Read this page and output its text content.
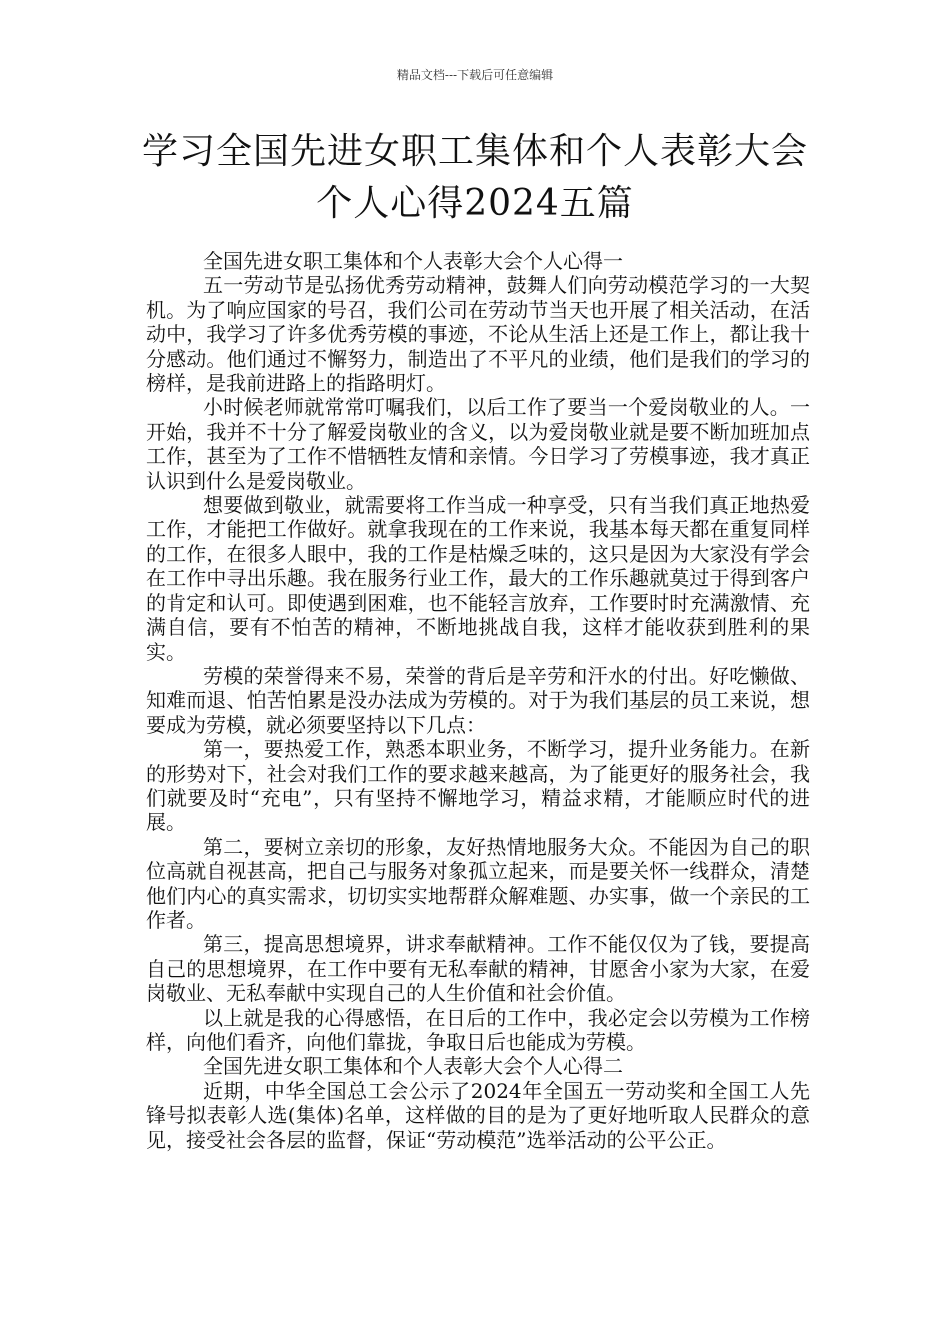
精品文档---下载后可任意编辑
学习全国先进女职工集体和个人表彰大会
个人心得2024五篇

全国先进女职工集体和个人表彰大会个人心得一

五一劳动节是弘扬优秀劳动精神，鼓舞人们向劳动模范学习的一大契机。为了响应国家的号召，我们公司在劳动节当天也开展了相关活动，在活动中，我学习了许多优秀劳模的事迹，不论从生活上还是工作上，都让我十分感动。他们通过不懈努力，制造出了不平凡的业绩，他们是我们的学习的榜样，是我前进路上的指路明灯。

小时候老师就常常叮嘱我们，以后工作了要当一个爱岗敬业的人。一开始，我并不十分了解爱岗敬业的含义，以为爱岗敬业就是要不断加班加点工作，甚至为了工作不惜牺牲友情和亲情。今日学习了劳模事迹，我才真正认识到什么是爱岗敬业。

想要做到敬业，就需要将工作当成一种享受，只有当我们真正地热爱工作，才能把工作做好。就拿我现在的工作来说，我基本每天都在重复同样的工作，在很多人眼中，我的工作是枯燥乏味的，这只是因为大家没有学会在工作中寻出乐趣。我在服务行业工作，最大的工作乐趣就莫过于得到客户的肯定和认可。即使遇到困难，也不能轻言放弃，工作要时时充满激情、充满自信，要有不怕苦的精神，不断地挑战自我，这样才能收获到胜利的果实。

劳模的荣誉得来不易，荣誉的背后是辛劳和汗水的付出。好吃懒做、知难而退、怕苦怕累是没办法成为劳模的。对于为我们基层的员工来说，想要成为劳模，就必须要坚持以下几点：

第一，要热爱工作，熟悉本职业务，不断学习，提升业务能力。在新的形势对下，社会对我们工作的要求越来越高，为了能更好的服务社会，我们就要及时“充电”，只有坚持不懈地学习，精益求精，才能顺应时代的进展。

第二，要树立亲切的形象，友好热情地服务大众。不能因为自己的职位高就自视甚高，把自己与服务对象孤立起来，而是要关怀一线群众，清楚他们内心的真实需求，切切实实地帮群众解难题、办实事，做一个亲民的工作者。

第三，提高思想境界，讲求奉献精神。工作不能仅仅为了钱，要提高自己的思想境界，在工作中要有无私奉献的精神，甘愿舍小家为大家，在爱岗敬业、无私奉献中实现自己的人生价值和社会价值。

以上就是我的心得感悟，在日后的工作中，我必定会以劳模为工作榜样，向他们看齐，向他们靠拢，争取日后也能成为劳模。

全国先进女职工集体和个人表彰大会个人心得二

近期，中华全国总工会公示了2024年全国五一劳动奖和全国工人先锋号拟表彰人选(集体)名单，这样做的目的是为了更好地听取人民群众的意见，接受社会各层的监督，保证“劳动模范”选举活动的公平公正。
